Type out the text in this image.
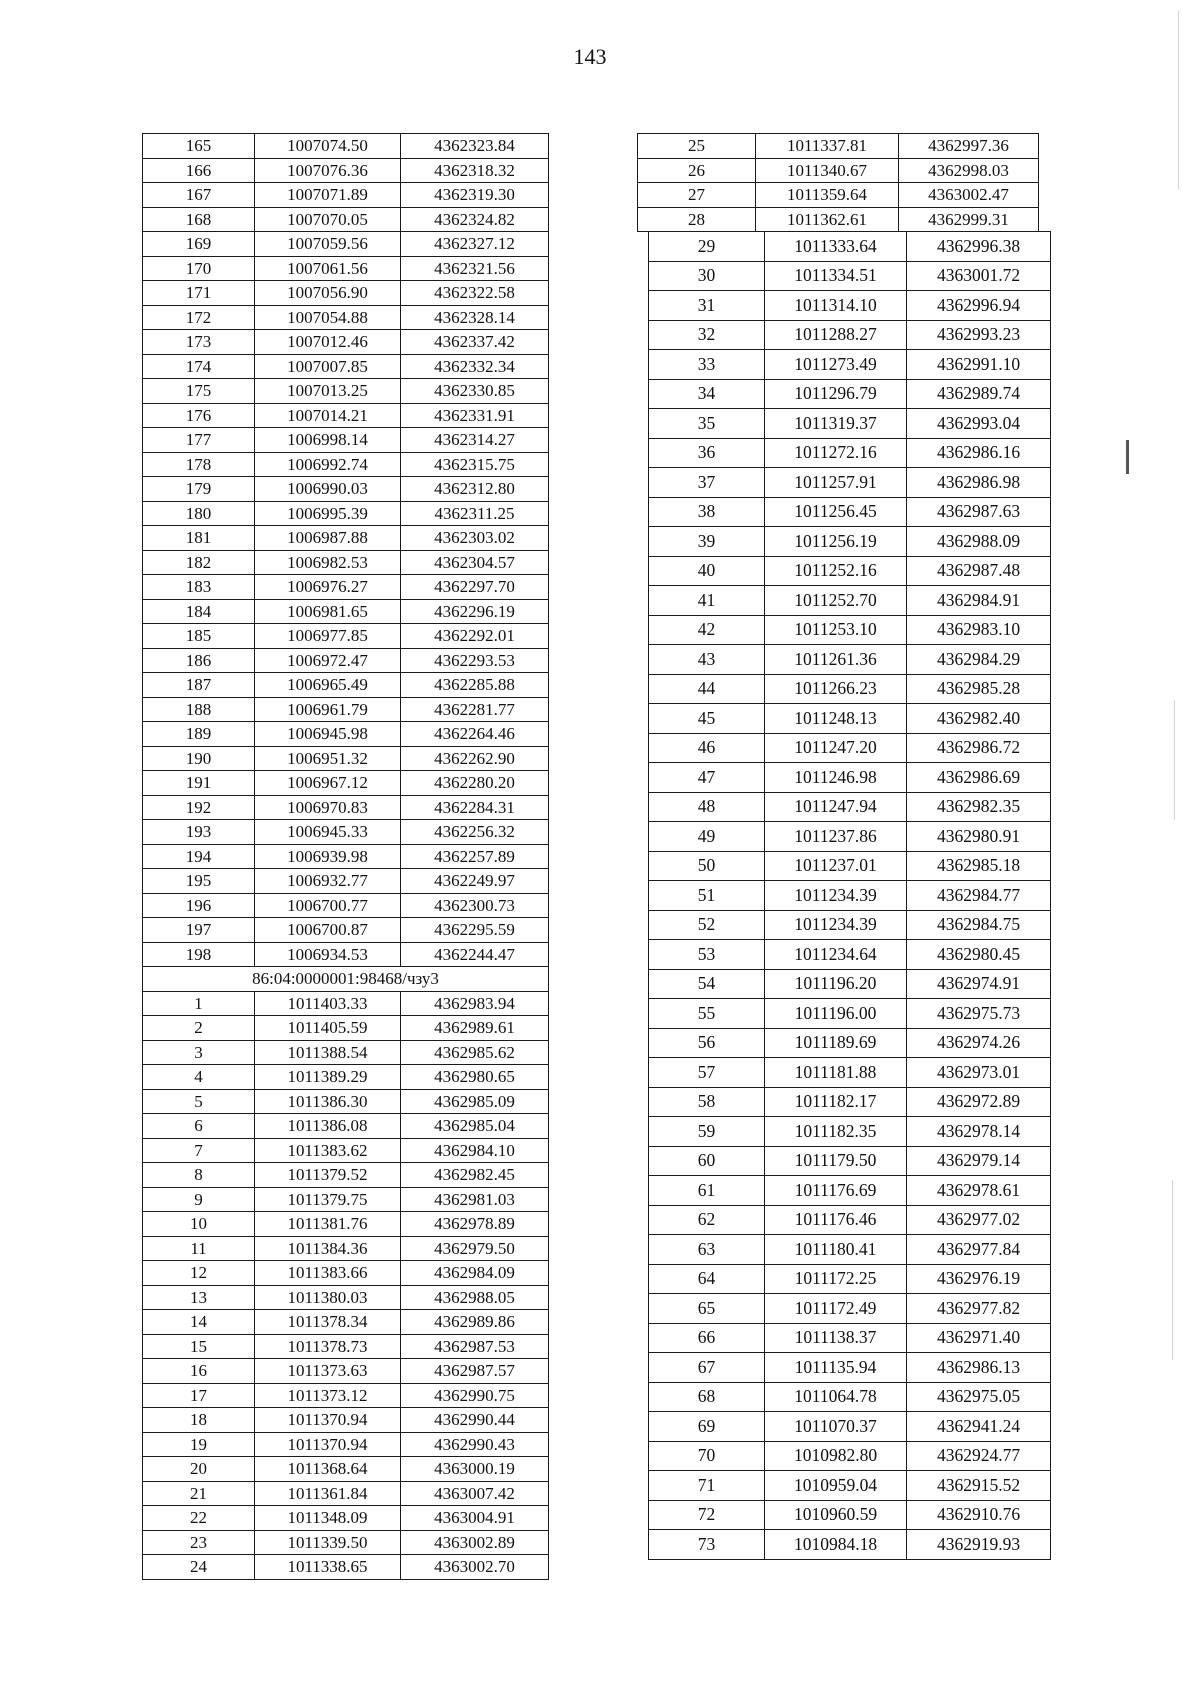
143
165	1007074.50	4362323.84
166	1007076.36	4362318.32
167	1007071.89	4362319.30
168	1007070.05	4362324.82
169	1007059.56	4362327.12
170	1007061.56	4362321.56
171	1007056.90	4362322.58
172	1007054.88	4362328.14
173	1007012.46	4362337.42
174	1007007.85	4362332.34
175	1007013.25	4362330.85
176	1007014.21	4362331.91
177	1006998.14	4362314.27
178	1006992.74	4362315.75
179	1006990.03	4362312.80
180	1006995.39	4362311.25
181	1006987.88	4362303.02
182	1006982.53	4362304.57
183	1006976.27	4362297.70
184	1006981.65	4362296.19
185	1006977.85	4362292.01
186	1006972.47	4362293.53
187	1006965.49	4362285.88
188	1006961.79	4362281.77
189	1006945.98	4362264.46
190	1006951.32	4362262.90
191	1006967.12	4362280.20
192	1006970.83	4362284.31
193	1006945.33	4362256.32
194	1006939.98	4362257.89
195	1006932.77	4362249.97
196	1006700.77	4362300.73
197	1006700.87	4362295.59
198	1006934.53	4362244.47
86:04:0000001:98468/чзу3		
1	1011403.33	4362983.94
2	1011405.59	4362989.61
3	1011388.54	4362985.62
4	1011389.29	4362980.65
5	1011386.30	4362985.09
6	1011386.08	4362985.04
7	1011383.62	4362984.10
8	1011379.52	4362982.45
9	1011379.75	4362981.03
10	1011381.76	4362978.89
11	1011384.36	4362979.50
12	1011383.66	4362984.09
13	1011380.03	4362988.05
14	1011378.34	4362989.86
15	1011378.73	4362987.53
16	1011373.63	4362987.57
17	1011373.12	4362990.75
18	1011370.94	4362990.44
19	1011370.94	4362990.43
20	1011368.64	4363000.19
21	1011361.84	4363007.42
22	1011348.09	4363004.91
23	1011339.50	4363002.89
24	1011338.65	4363002.70
25	1011337.81	4362997.36
26	1011340.67	4362998.03
27	1011359.64	4363002.47
28	1011362.61	4362999.31
29	1011333.64	4362996.38
30	1011334.51	4363001.72
31	1011314.10	4362996.94
32	1011288.27	4362993.23
33	1011273.49	4362991.10
34	1011296.79	4362989.74
35	1011319.37	4362993.04
36	1011272.16	4362986.16
37	1011257.91	4362986.98
38	1011256.45	4362987.63
39	1011256.19	4362988.09
40	1011252.16	4362987.48
41	1011252.70	4362984.91
42	1011253.10	4362983.10
43	1011261.36	4362984.29
44	1011266.23	4362985.28
45	1011248.13	4362982.40
46	1011247.20	4362986.72
47	1011246.98	4362986.69
48	1011247.94	4362982.35
49	1011237.86	4362980.91
50	1011237.01	4362985.18
51	1011234.39	4362984.77
52	1011234.39	4362984.75
53	1011234.64	4362980.45
54	1011196.20	4362974.91
55	1011196.00	4362975.73
56	1011189.69	4362974.26
57	1011181.88	4362973.01
58	1011182.17	4362972.89
59	1011182.35	4362978.14
60	1011179.50	4362979.14
61	1011176.69	4362978.61
62	1011176.46	4362977.02
63	1011180.41	4362977.84
64	1011172.25	4362976.19
65	1011172.49	4362977.82
66	1011138.37	4362971.40
67	1011135.94	4362986.13
68	1011064.78	4362975.05
69	1011070.37	4362941.24
70	1010982.80	4362924.77
71	1010959.04	4362915.52
72	1010960.59	4362910.76
73	1010984.18	4362919.93
